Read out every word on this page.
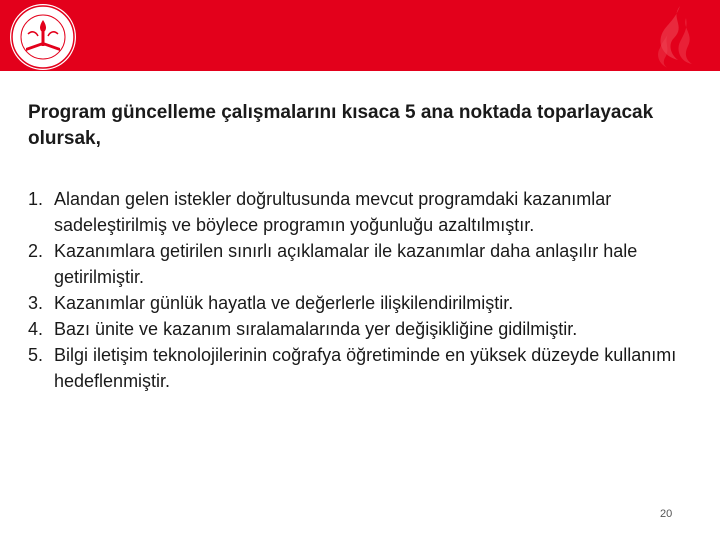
Program güncelleme çalışmalarını kısaca 5 ana noktada toparlayacak olursak,

1. Alandan gelen istekler doğrultusunda mevcut programdaki kazanımlar sadeleştirilmiş ve böylece programın yoğunluğu azaltılmıştır.
2. Kazanımlara getirilen sınırlı açıklamalar ile kazanımlar daha anlaşılır hale getirilmiştir.
3. Kazanımlar günlük hayatla ve değerlerle ilişkilendirilmiştir.
4. Bazı ünite ve kazanım sıralamalarında yer değişikliğine gidilmiştir.
5. Bilgi iletişim teknolojilerinin coğrafya öğretiminde en yüksek düzeyde kullanımı hedeflenmiştir.
20
